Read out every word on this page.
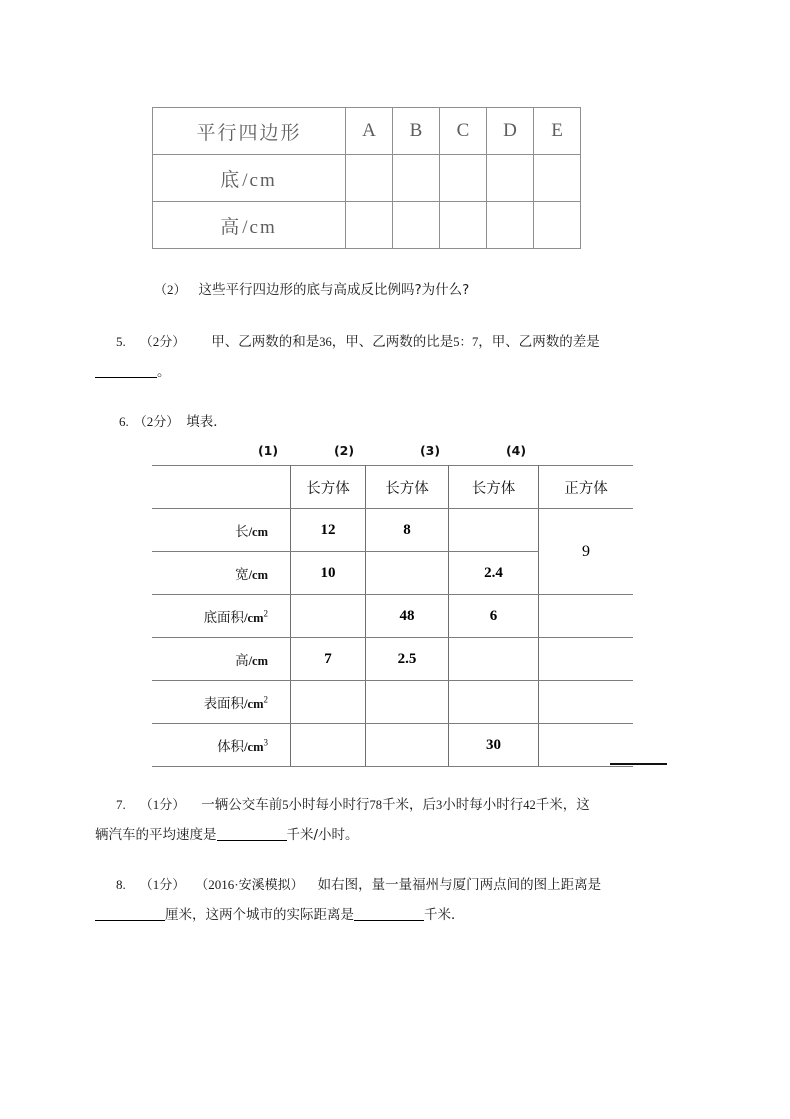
平行四边形	A	B	C	D	E
底/cm					
高/cm					
（2） 这些平行四边形的底与高成反比例吗?为什么?
5. （2分） 甲、乙两数的和是36，甲、乙两数的比是5：7，甲、乙两数的差是
。
6. （2分） 填表．
(1)	(2)	(3)	(4)
	长方体	长方体	长方体	正方体
长/cm	12	8		9
宽/cm	10		2.4	
底面积$/cm^2$		48	6	
高/cm	7	2.5		
表面积$/cm^2$				
体积$/cm^3$			30	
7. （1分） 一辆公交车前5小时每小时行78千米，后3小时每小时行42千米，这
辆汽车的平均速度是	千米/小时。
8. （1分） （2016·安溪模拟） 如右图，量一量福州与厦门两点间的图上距离是
厘米，这两个城市的实际距离是	千米．
